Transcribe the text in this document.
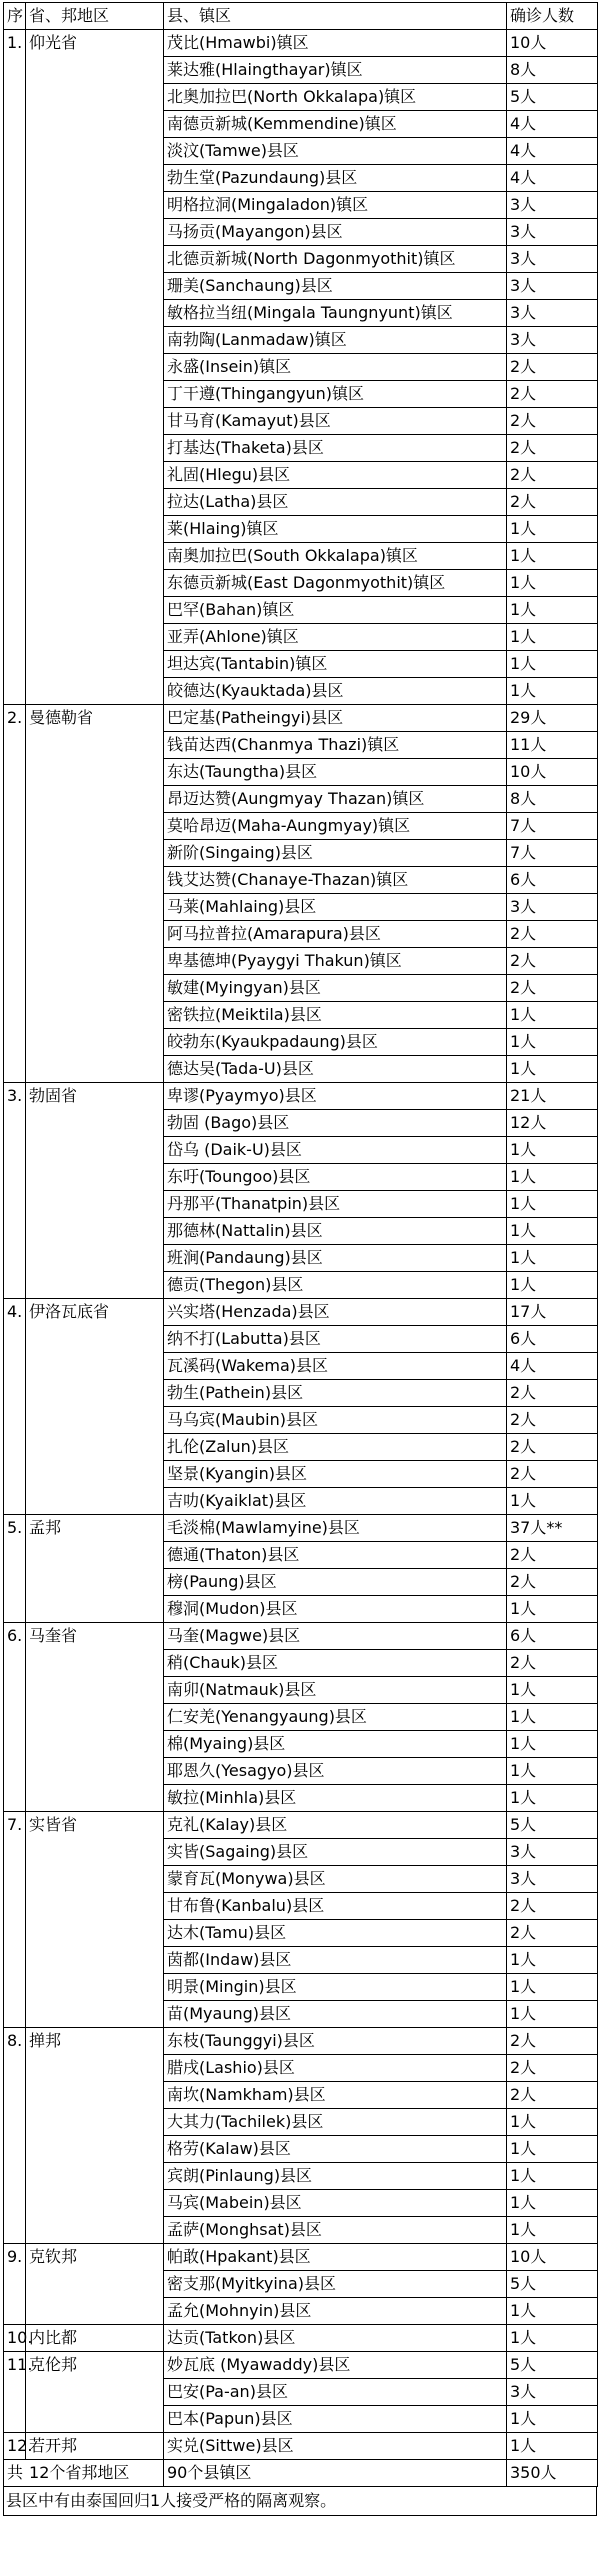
序	省、邦地区	县、镇区	确诊人数
1.	仰光省	茂比(Hmawbi)镇区	10人
		莱达雅(Hlaingthayar)镇区	8人
		北奥加拉巴(North Okkalapa)镇区	5人
		南德贡新城(Kemmendine)镇区	4人
		淡汶(Tamwe)县区	4人
		勃生堂(Pazundaung)县区	4人
		明格拉洞(Mingaladon)镇区	3人
		马扬贡(Mayangon)县区	3人
		北德贡新城(North Dagonmyothit)镇区	3人
		珊美(Sanchaung)县区	3人
		敏格拉当纽(Mingala Taungnyunt)镇区	3人
		南勃陶(Lanmadaw)镇区	3人
		永盛(Insein)镇区	2人
		丁干遵(Thingangyun)镇区	2人
		甘马育(Kamayut)县区	2人
		打基达(Thaketa)县区	2人
		礼固(Hlegu)县区	2人
		拉达(Latha)县区	2人
		莱(Hlaing)镇区	1人
		南奥加拉巴(South Okkalapa)镇区	1人
		东德贡新城(East Dagonmyothit)镇区	1人
		巴罕(Bahan)镇区	1人
		亚弄(Ahlone)镇区	1人
		坦达宾(Tantabin)镇区	1人
		皎德达(Kyauktada)县区	1人
2.	曼德勒省	巴定基(Patheingyi)县区	29人
		钱苗达西(Chanmya Thazi)镇区	11人
		东达(Taungtha)县区	10人
		昂迈达赞(Aungmyay Thazan)镇区	8人
		莫哈昂迈(Maha-Aungmyay)镇区	7人
		新阶(Singaing)县区	7人
		钱艾达赞(Chanaye-Thazan)镇区	6人
		马莱(Mahlaing)县区	3人
		阿马拉普拉(Amarapura)县区	2人
		卑基德坤(Pyaygyi Thakun)镇区	2人
		敏建(Myingyan)县区	2人
		密铁拉(Meiktila)县区	1人
		皎勃东(Kyaukpadaung)县区	1人
		德达吴(Tada-U)县区	1人
3.	勃固省	卑谬(Pyaymyo)县区	21人
		勃固 (Bago)县区	12人
		岱乌 (Daik-U)县区	1人
		东吁(Toungoo)县区	1人
		丹那平(Thanatpin)县区	1人
		那德林(Nattalin)县区	1人
		班涧(Pandaung)县区	1人
		德贡(Thegon)县区	1人
4.	伊洛瓦底省	兴实塔(Henzada)县区	17人
		纳不打(Labutta)县区	6人
		瓦溪码(Wakema)县区	4人
		勃生(Pathein)县区	2人
		马乌宾(Maubin)县区	2人
		扎伦(Zalun)县区	2人
		坚景(Kyangin)县区	2人
		吉叻(Kyaiklat)县区	1人
5.	孟邦	毛淡棉(Mawlamyine)县区	37人**
		德通(Thaton)县区	2人
		榜(Paung)县区	2人
		穆洞(Mudon)县区	1人
6.	马奎省	马奎(Magwe)县区	6人
		稍(Chauk)县区	2人
		南卯(Natmauk)县区	1人
		仁安羌(Yenangyaung)县区	1人
		棉(Myaing)县区	1人
		耶恩久(Yesagyo)县区	1人
		敏拉(Minhla)县区	1人
7.	实皆省	克礼(Kalay)县区	5人
		实皆(Sagaing)县区	3人
		蒙育瓦(Monywa)县区	3人
		甘布鲁(Kanbalu)县区	2人
		达木(Tamu)县区	2人
		茵都(Indaw)县区	1人
		明景(Mingin)县区	1人
		苗(Myaung)县区	1人
8.	掸邦	东枝(Taunggyi)县区	2人
		腊戌(Lashio)县区	2人
		南坎(Namkham)县区	2人
		大其力(Tachilek)县区	1人
		格劳(Kalaw)县区	1人
		宾朗(Pinlaung)县区	1人
		马宾(Mabein)县区	1人
		孟萨(Monghsat)县区	1人
9.	克钦邦	帕敢(Hpakant)县区	10人
		密支那(Myitkyina)县区	5人
		孟允(Mohnyin)县区	1人
10.	内比都	达贡(Tatkon)县区	1人
11.	克伦邦	妙瓦底 (Myawaddy)县区	5人
		巴安(Pa-an)县区	3人
		巴本(Papun)县区	1人
12.	若开邦	实兑(Sittwe)县区	1人
共 12个省邦地区		90个县镇区	350人
县区中有由泰国回归1人接受严格的隔离观察。
